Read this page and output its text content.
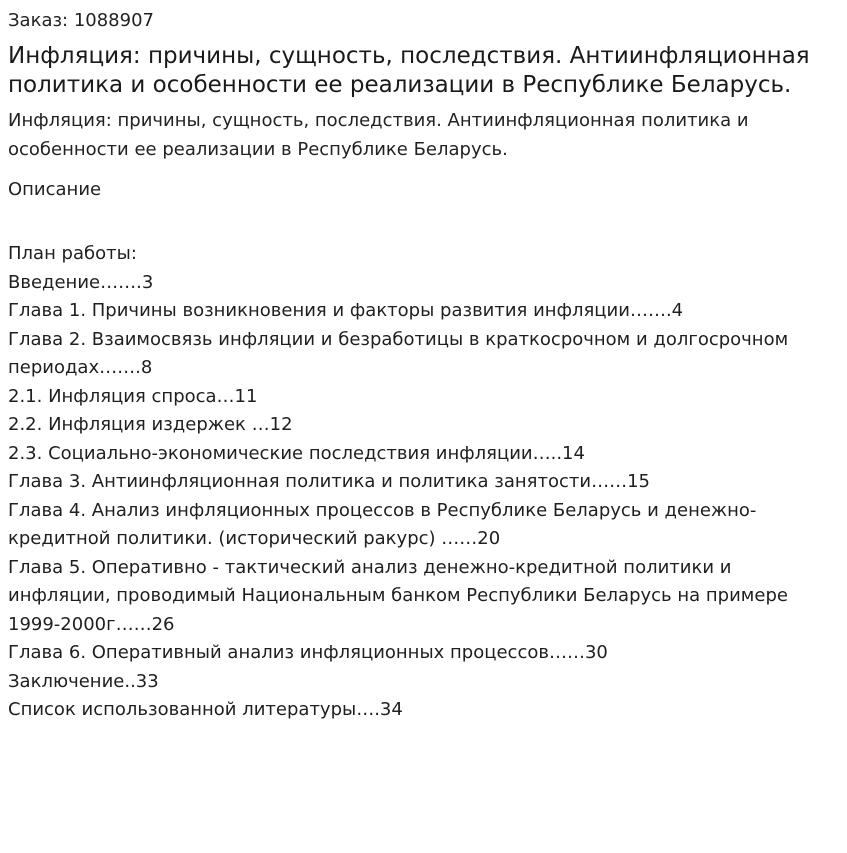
Заказ: 1088907
Инфляция: причины, сущность, последствия. Антиинфляционная политика и особенности ее реализации в Республике Беларусь.
Инфляция: причины, сущность, последствия. Антиинфляционная политика и особенности ее реализации в Республике Беларусь.
Описание
План работы:
Введение…….3
Глава 1. Причины возникновения и факторы развития инфляции…….4
Глава 2. Взаимосвязь инфляции и безработицы в краткосрочном и долгосрочном периодах…….8
2.1. Инфляция спроса…11
2.2. Инфляция издержек …12
2.3. Социально-экономические последствия инфляции…..14
Глава 3. Антиинфляционная политика и политика занятости……15
Глава 4. Анализ инфляционных процессов в Республике Беларусь и денежно-кредитной политики. (исторический ракурс) ……20
Глава 5. Оперативно - тактический анализ денежно-кредитной политики и инфляции, проводимый Национальным банком Республики Беларусь на примере 1999-2000г……26
Глава 6. Оперативный анализ инфляционных процессов……30
Заключение..33
Список использованной литературы….34
